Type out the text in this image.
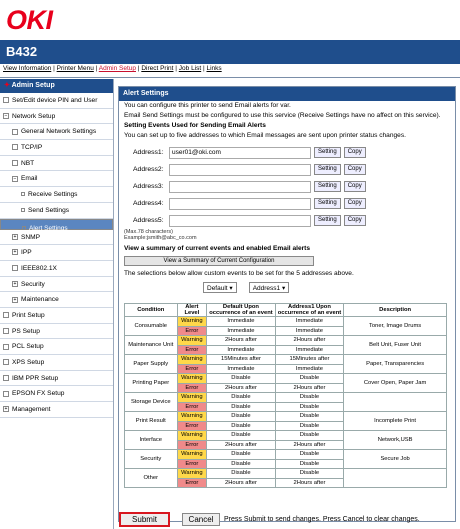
OKI
B432
View Information | Printer Menu | Admin Setup | Direct Print | Job List | Links
✦ Admin Setup
Set/Edit device PIN and User
− Network Setup
General Network Settings
TCP/IP
NBT
− Email
Receive Settings
Send Settings
Alert Settings
+ SNMP
+ IPP
IEEE802.1X
+ Security
+ Maintenance
Print Setup
PS Setup
PCL Setup
XPS Setup
IBM PPR Setup
EPSON FX Setup
+ Management
Alert Settings
You can configure this printer to send Email alerts for var.
Email Send Settings must be configured to use this service (Receive Settings have no affect on this service).
Setting Events Used for Sending Email Alerts
You can set up to five addresses to which Email messages are sent upon printer status changes.
Address1:	user01@oki.com	Setting	Copy
Address2:	Setting	Copy
Address3:	Setting	Copy
Address4:	Setting	Copy
Address5:	Setting	Copy
(Max.78 characters)
Example:jsmith@abc_co.com
View a summary of current events and enabled Email alerts
View a Summary of Current Configuration
The selections below allow custom events to be set for the 5 addresses above.
Default ▾	Address1 ▾
Condition	Alert Level	Default Upon occurrence of an event	Address1 Upon occurrence of an event	Description
Consumable	Warning	Immediate	Immediate	Toner, Image Drums
	Error	Immediate	Immediate	
Maintenance Unit	Warning	2Hours after	2Hours after	Belt Unit, Fuser Unit
	Error	Immediate	Immediate	
Paper Supply	Warning	15Minutes after	15Minutes after	Paper, Transparencies
	Error	Immediate	Immediate	
Printing Paper	Warning	Disable	Disable	Cover Open, Paper Jam
	Error	2Hours after	2Hours after	
Storage Device	Warning	Disable	Disable	
	Error	Disable	Disable	
Print Result	Warning	Disable	Disable	Incomplete Print
	Error	Disable	Disable	
Interface	Warning	Disable	Disable	Network,USB
	Error	2Hours after	2Hours after	
Security	Warning	Disable	Disable	Secure Job
	Error	Disable	Disable	
Other	Warning	Disable	Disable	
	Error	2Hours after	2Hours after	
Submit	Cancel	Press Submit to send changes. Press Cancel to clear changes.
